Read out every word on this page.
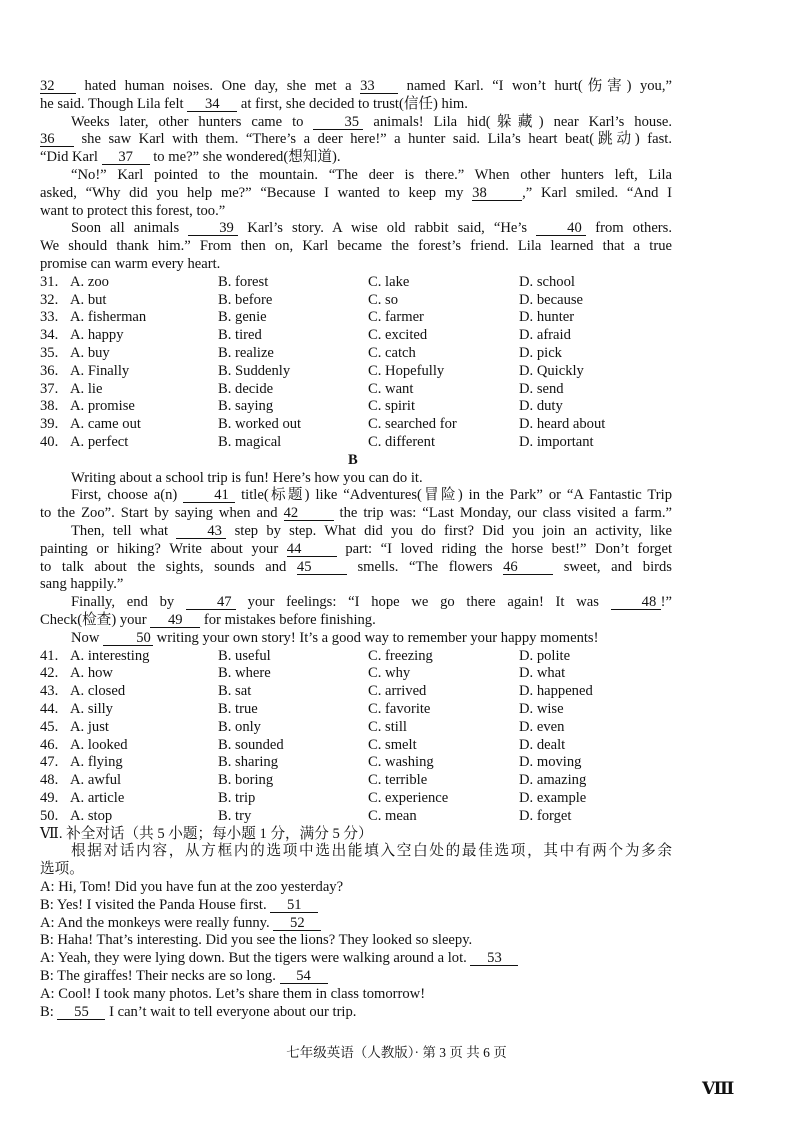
32 hated human noises. One day, she met a 33 named Karl. “I won’t hurt(伤害) you,”
he said. Though Lila felt 34 at first, she decided to trust(信任) him.
Weeks later, other hunters came to 35 animals! Lila hid(躲藏) near Karl’s house.
36 she saw Karl with them. “There’s a deer here!” a hunter said. Lila’s heart beat(跳动) fast.
“Did Karl 37 to me?” she wondered(想知道).
“No!” Karl pointed to the mountain. “The deer is there.” When other hunters left, Lila
asked, “Why did you help me?” “Because I wanted to keep my 38 ,” Karl smiled. “And I
want to protect this forest, too.”
Soon all animals 39 Karl’s story. A wise old rabbit said, “He’s 40 from others.
We should thank him.” From then on, Karl became the forest’s friend. Lila learned that a true
promise can warm every heart.
31. A. zoo	B. forest	C. lake	D. school
32. A. but	B. before	C. so	D. because
33. A. fisherman	B. genie	C. farmer	D. hunter
34. A. happy	B. tired	C. excited	D. afraid
35. A. buy	B. realize	C. catch	D. pick
36. A. Finally	B. Suddenly	C. Hopefully	D. Quickly
37. A. lie	B. decide	C. want	D. send
38. A. promise	B. saying	C. spirit	D. duty
39. A. came out	B. worked out	C. searched for	D. heard about
40. A. perfect	B. magical	C. different	D. important
B
Writing about a school trip is fun! Here’s how you can do it.
First, choose a(n) 41 title(标题) like “Adventures(冒险) in the Park” or “A Fantastic Trip
to the Zoo”. Start by saying when and 42 the trip was: “Last Monday, our class visited a farm.”
Then, tell what 43 step by step. What did you do first? Did you join an activity, like
painting or hiking? Write about your 44 part: “I loved riding the horse best!” Don’t forget
to talk about the sights, sounds and 45 smells. “The flowers 46 sweet, and birds
sang happily.”
Finally, end by 47 your feelings: “I hope we go there again! It was 48 !”
Check(检查) your 49 for mistakes before finishing.
Now 50 writing your own story! It’s a good way to remember your happy moments!
41. A. interesting	B. useful	C. freezing	D. polite
42. A. how	B. where	C. why	D. what
43. A. closed	B. sat	C. arrived	D. happened
44. A. silly	B. true	C. favorite	D. wise
45. A. just	B. only	C. still	D. even
46. A. looked	B. sounded	C. smelt	D. dealt
47. A. flying	B. sharing	C. washing	D. moving
48. A. awful	B. boring	C. terrible	D. amazing
49. A. article	B. trip	C. experience	D. example
50. A. stop	B. try	C. mean	D. forget
Ⅶ. 补全对话（共 5 小题；每小题 1 分，满分 5 分）
根据对话内容，从方框内的选项中选出能填入空白处的最佳选项，其中有两个为多余
选项。
A: Hi, Tom! Did you have fun at the zoo yesterday?
B: Yes! I visited the Panda House first. 51
A: And the monkeys were really funny. 52
B: Haha! That’s interesting. Did you see the lions? They looked so sleepy.
A: Yeah, they were lying down. But the tigers were walking around a lot. 53
B: The giraffes! Their necks are so long. 54
A: Cool! I took many photos. Let’s share them in class tomorrow!
B: 55 I can’t wait to tell everyone about our trip.
七年级英语（人教版）· 第 3 页 共 6 页
Ⅷ
